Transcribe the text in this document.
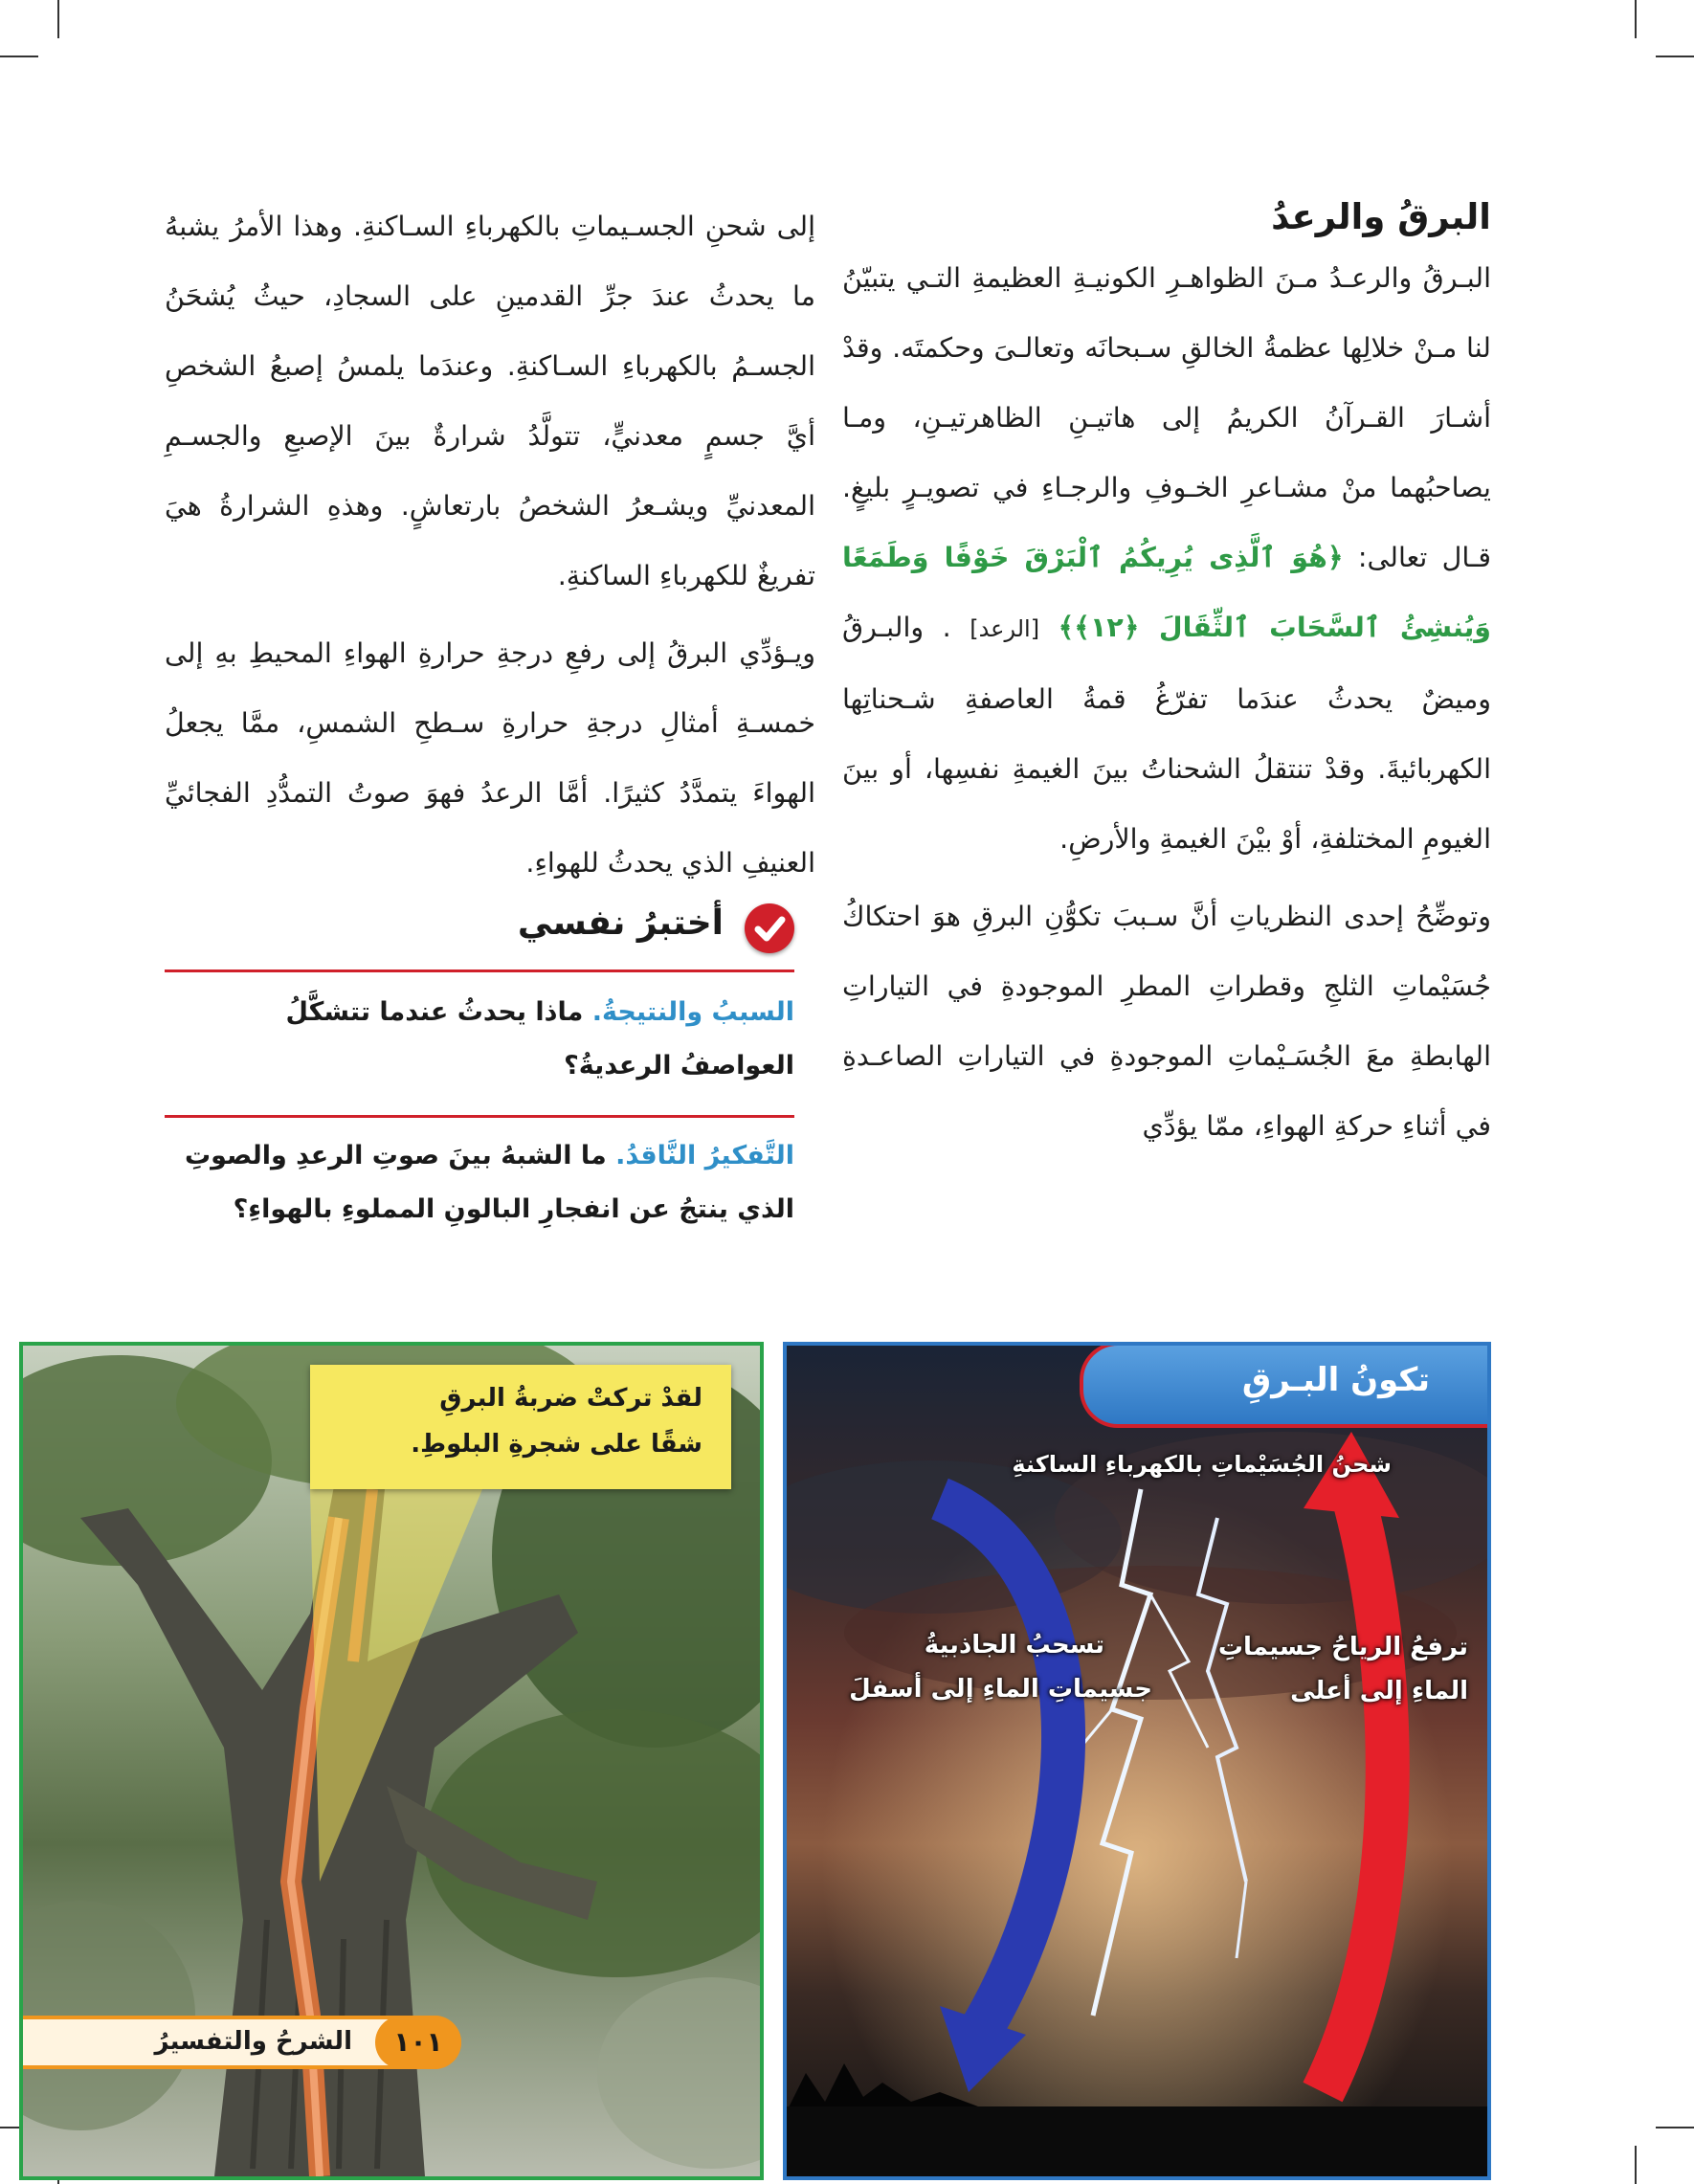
البرقُ والرعدُ

البـرقُ والرعـدُ مـنَ الظواهـرِ الكونيـةِ العظيمةِ التـي يتبيّنُ لنا مـنْ خلالِها عظمةُ الخالقِ سـبحانَه وتعالـىَ وحكمتَه. وقدْ أشـارَ القـرآنُ الكريمُ إلى هاتيـنِ الظاهرتيـنِ، ومـا يصاحبُهما منْ مشـاعرِ الخـوفِ والرجـاءِ في تصويـرٍ بليغٍ. قـال تعالى: ﴿هُوَ ٱلَّذِى يُرِيكُمُ ٱلْبَرْقَ خَوْفًا وَطَمَعًا وَيُنشِئُ ٱلسَّحَابَ ٱلثِّقَالَ ﴿١٢﴾﴾ [الرعد] . والبـرقُ وميضٌ يحدثُ عندَما تفرّغُ قمةُ العاصفةِ شـحناتِها الكهربائيةَ. وقدْ تنتقلُ الشحناتُ بينَ الغيمةِ نفسِها، أو بينَ الغيومِ المختلفةِ، أوْ بيْنَ الغيمةِ والأرضِ.

وتوضِّحُ إحدى النظرياتِ أنَّ سـببَ تكوُّنِ البرقِ هوَ احتكاكُ جُسَيْماتِ الثلجِ وقطراتِ المطرِ الموجودةِ في التياراتِ الهابطةِ معَ الجُسَـيْماتِ الموجودةِ في التياراتِ الصاعـدةِ في أثناءِ حركةِ الهواءِ، ممّا يؤدِّي

إلى شحنِ الجسـيماتِ بالكهرباءِ السـاكنةِ. وهذا الأمرُ يشبهُ ما يحدثُ عندَ جرِّ القدمينِ على السجادِ، حيثُ يُشحَنُ الجسـمُ بالكهرباءِ السـاكنةِ. وعندَما يلمسُ إصبعُ الشخصِ أيَّ جسمٍ معدنيٍّ، تتولَّدُ شرارةٌ بينَ الإصبعِ والجسـمِ المعدنيِّ ويشـعرُ الشخصُ بارتعاشٍ. وهذهِ الشرارةُ هيَ تفريغٌ للكهرباءِ الساكنةِ.

ويـؤدِّي البرقُ إلى رفعِ درجةِ حرارةِ الهواءِ المحيطِ بهِ إلى خمسـةِ أمثالِ درجةِ حرارةِ سـطحِ الشمسِ، ممَّا يجعلُ الهواءَ يتمدَّدُ كثيرًا. أمَّا الرعدُ فهوَ صوتُ التمدُّدِ الفجائيِّ العنيفِ الذي يحدثُ للهواءِ.

أختبرُ نفسي

السببُ والنتيجةُ. ماذا يحدثُ عندما تتشكَّلُ العواصفُ الرعديةُ؟

التَّفكيرُ النَّاقدُ. ما الشبهُ بينَ صوتِ الرعدِ والصوتِ الذي ينتجُ عن انفجارِ البالونِ المملوءِ بالهواءِ؟

تكونُ البـرقِ
شحنُ الجُسَيْماتِ بالكهرباءِ الساكنةِ
ترفعُ الرياحُ جسيماتِ
الماءِ إلى أعلى
تسحبُ الجاذبيةُ
جسيماتِ الماءِ إلى أسفلَ
لقدْ تركتْ ضربةُ البرقِ
شقًا على شجرةِ البلوطِ.
١٠١
الشرحُ والتفسيرُ
